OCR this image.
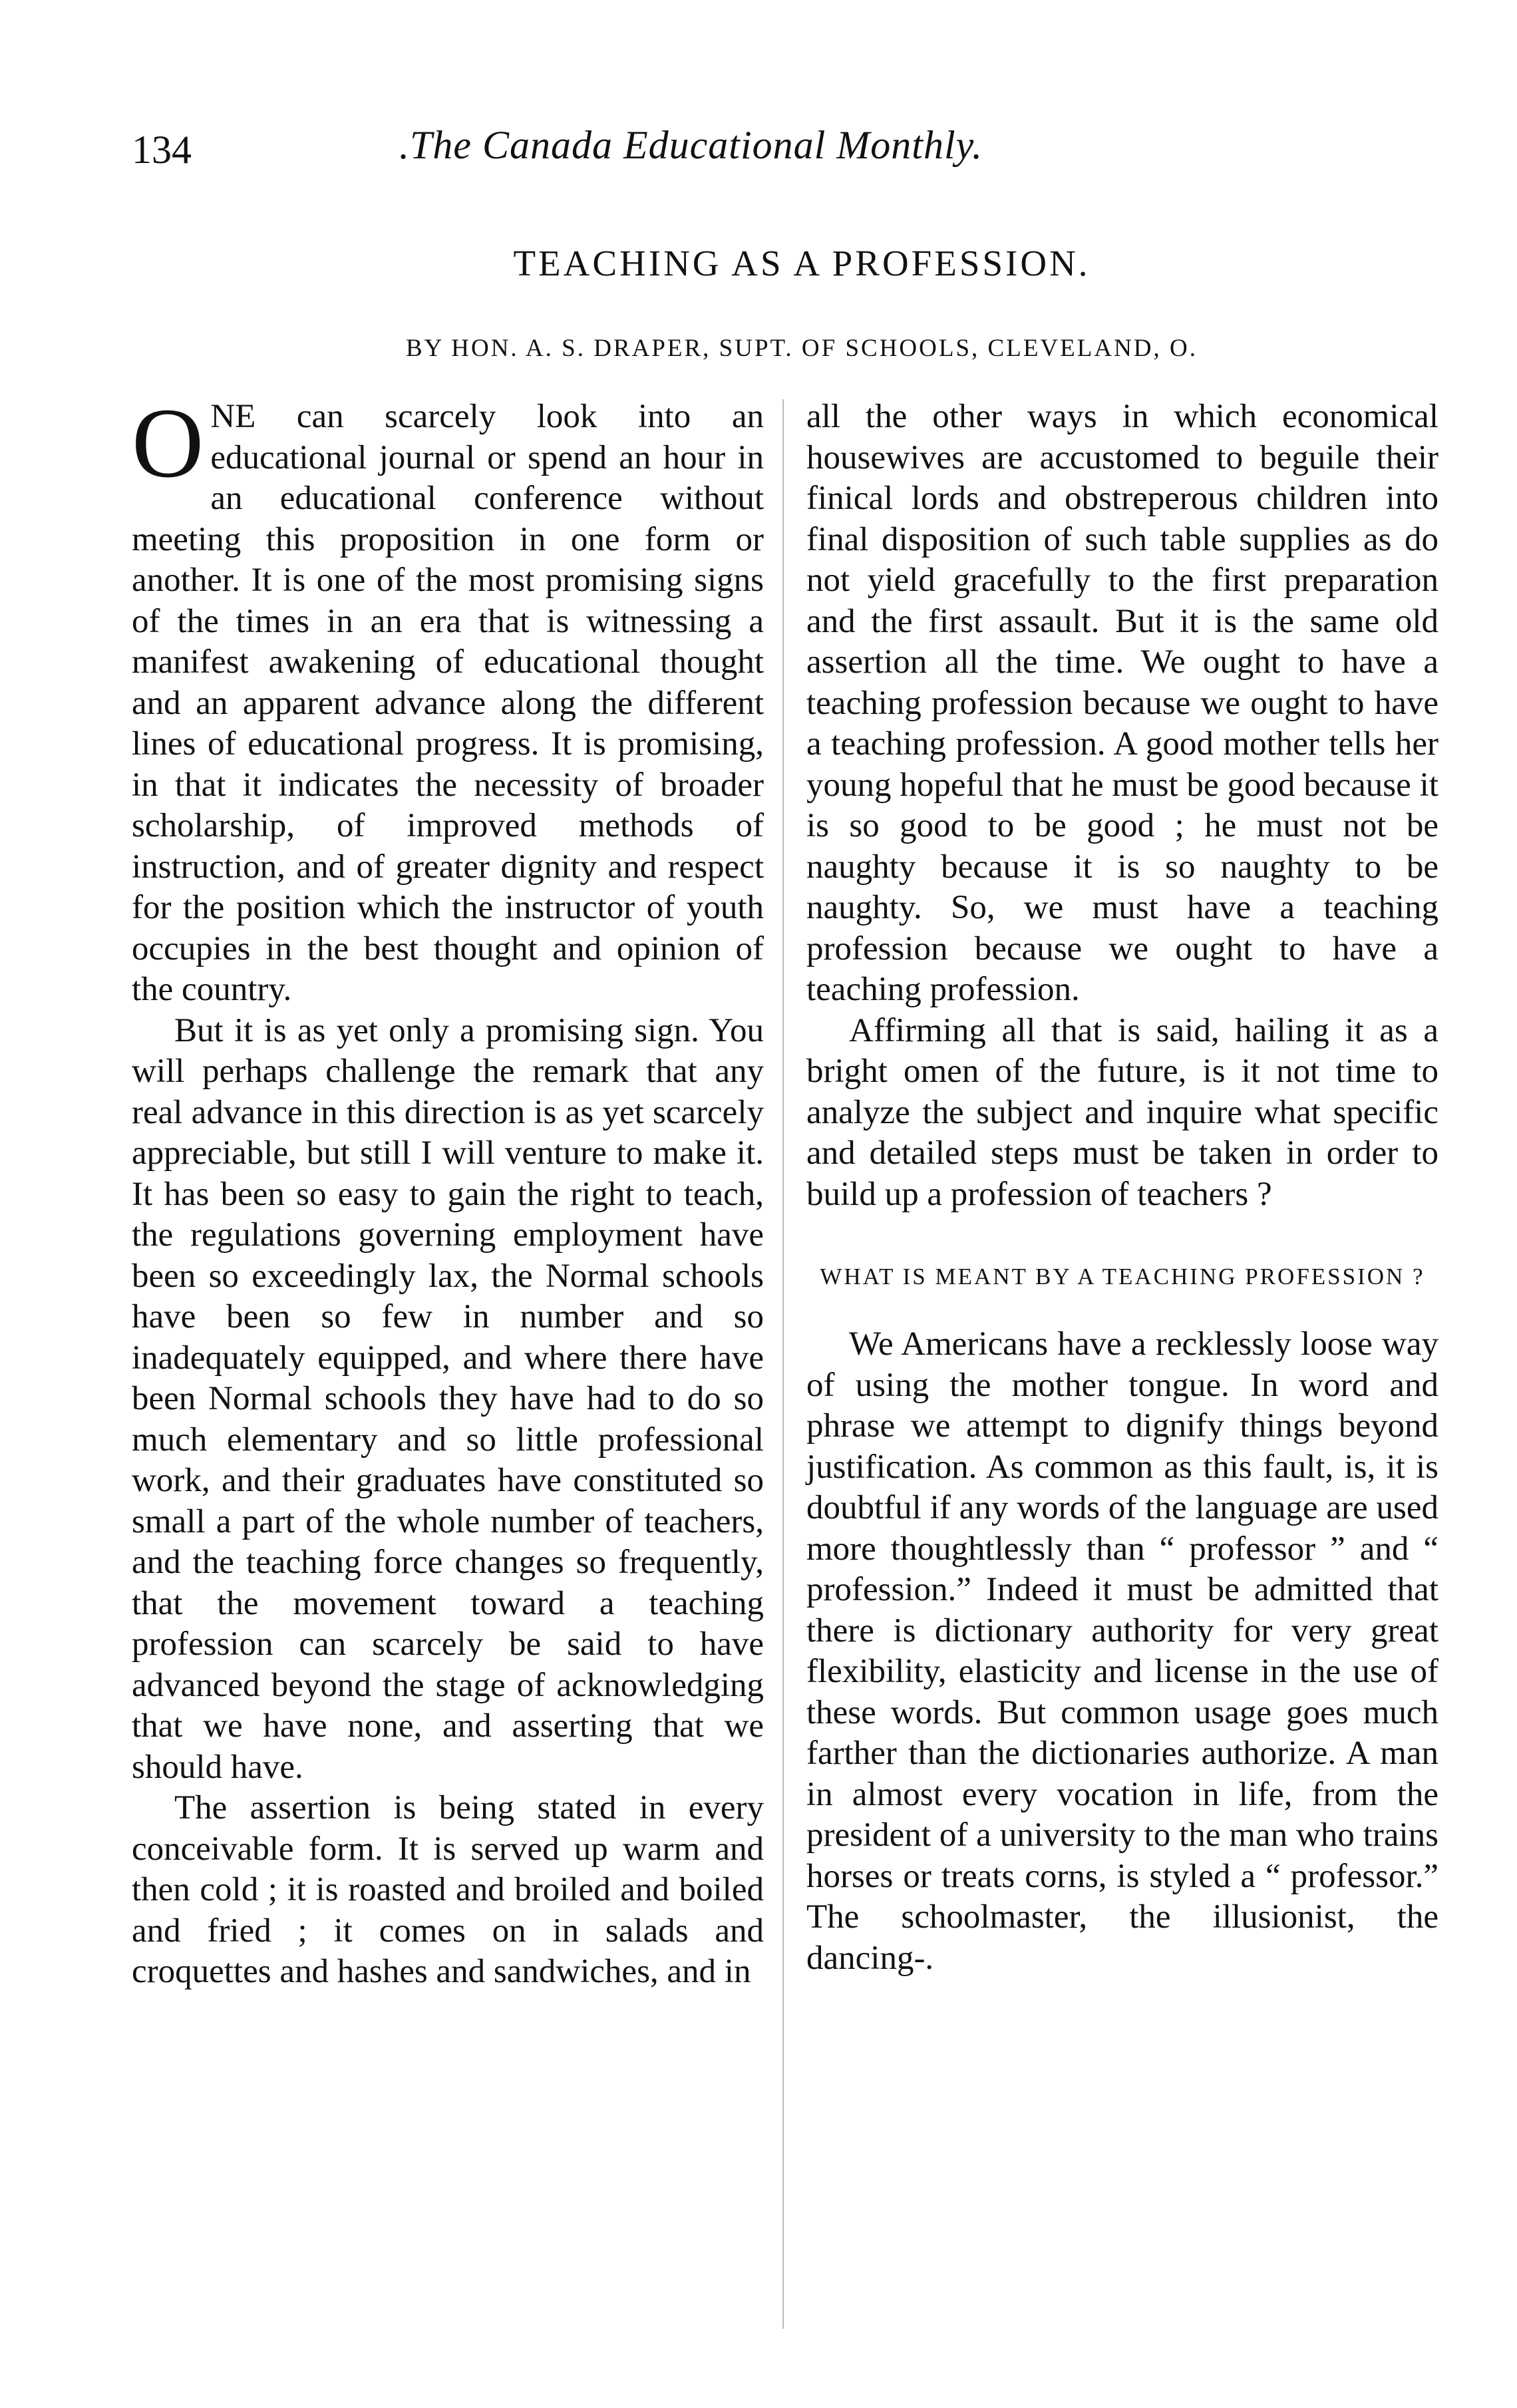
134	.The Canada Educational Monthly.
TEACHING AS A PROFESSION.
BY HON. A. S. DRAPER, SUPT. OF SCHOOLS, CLEVELAND, O.

ONE can scarcely look into an educational journal or spend an hour in an educational conference without meeting this proposition in one form or another. It is one of the most promising signs of the times in an era that is witnessing a manifest awakening of educational thought and an apparent advance along the different lines of educational progress. It is promising, in that it indicates the necessity of broader scholarship, of improved methods of instruction, and of greater dignity and respect for the position which the instructor of youth occupies in the best thought and opinion of the country.

But it is as yet only a promising sign. You will perhaps challenge the remark that any real advance in this direction is as yet scarcely appreciable, but still I will venture to make it. It has been so easy to gain the right to teach, the regulations governing employment have been so exceedingly lax, the Normal schools have been so few in number and so inadequately equipped, and where there have been Normal schools they have had to do so much elementary and so little professional work, and their graduates have constituted so small a part of the whole number of teachers, and the teaching force changes so frequently, that the movement toward a teaching profession can scarcely be said to have advanced beyond the stage of acknowledging that we have none, and asserting that we should have.

The assertion is being stated in every conceivable form. It is served up warm and then cold ; it is roasted and broiled and boiled and fried ; it comes on in salads and croquettes and hashes and sandwiches, and in

all the other ways in which economical housewives are accustomed to beguile their finical lords and obstreperous children into final disposition of such table supplies as do not yield gracefully to the first preparation and the first assault. But it is the same old assertion all the time. We ought to have a teaching profession because we ought to have a teaching profession. A good mother tells her young hopeful that he must be good because it is so good to be good ; he must not be naughty because it is so naughty to be naughty. So, we must have a teaching profession because we ought to have a teaching profession.

Affirming all that is said, hailing it as a bright omen of the future, is it not time to analyze the subject and inquire what specific and detailed steps must be taken in order to build up a profession of teachers ?

WHAT IS MEANT BY A TEACHING PROFESSION ?

We Americans have a recklessly loose way of using the mother tongue. In word and phrase we attempt to dignify things beyond justification. As common as this fault, is, it is doubtful if any words of the language are used more thoughtlessly than “ professor ” and “ profession.” Indeed it must be admitted that there is dictionary authority for very great flexibility, elasticity and license in the use of these words. But common usage goes much farther than the dictionaries authorize. A man in almost every vocation in life, from the president of a university to the man who trains horses or treats corns, is styled a “ professor.” The schoolmaster, the illusionist, the dancing-.
